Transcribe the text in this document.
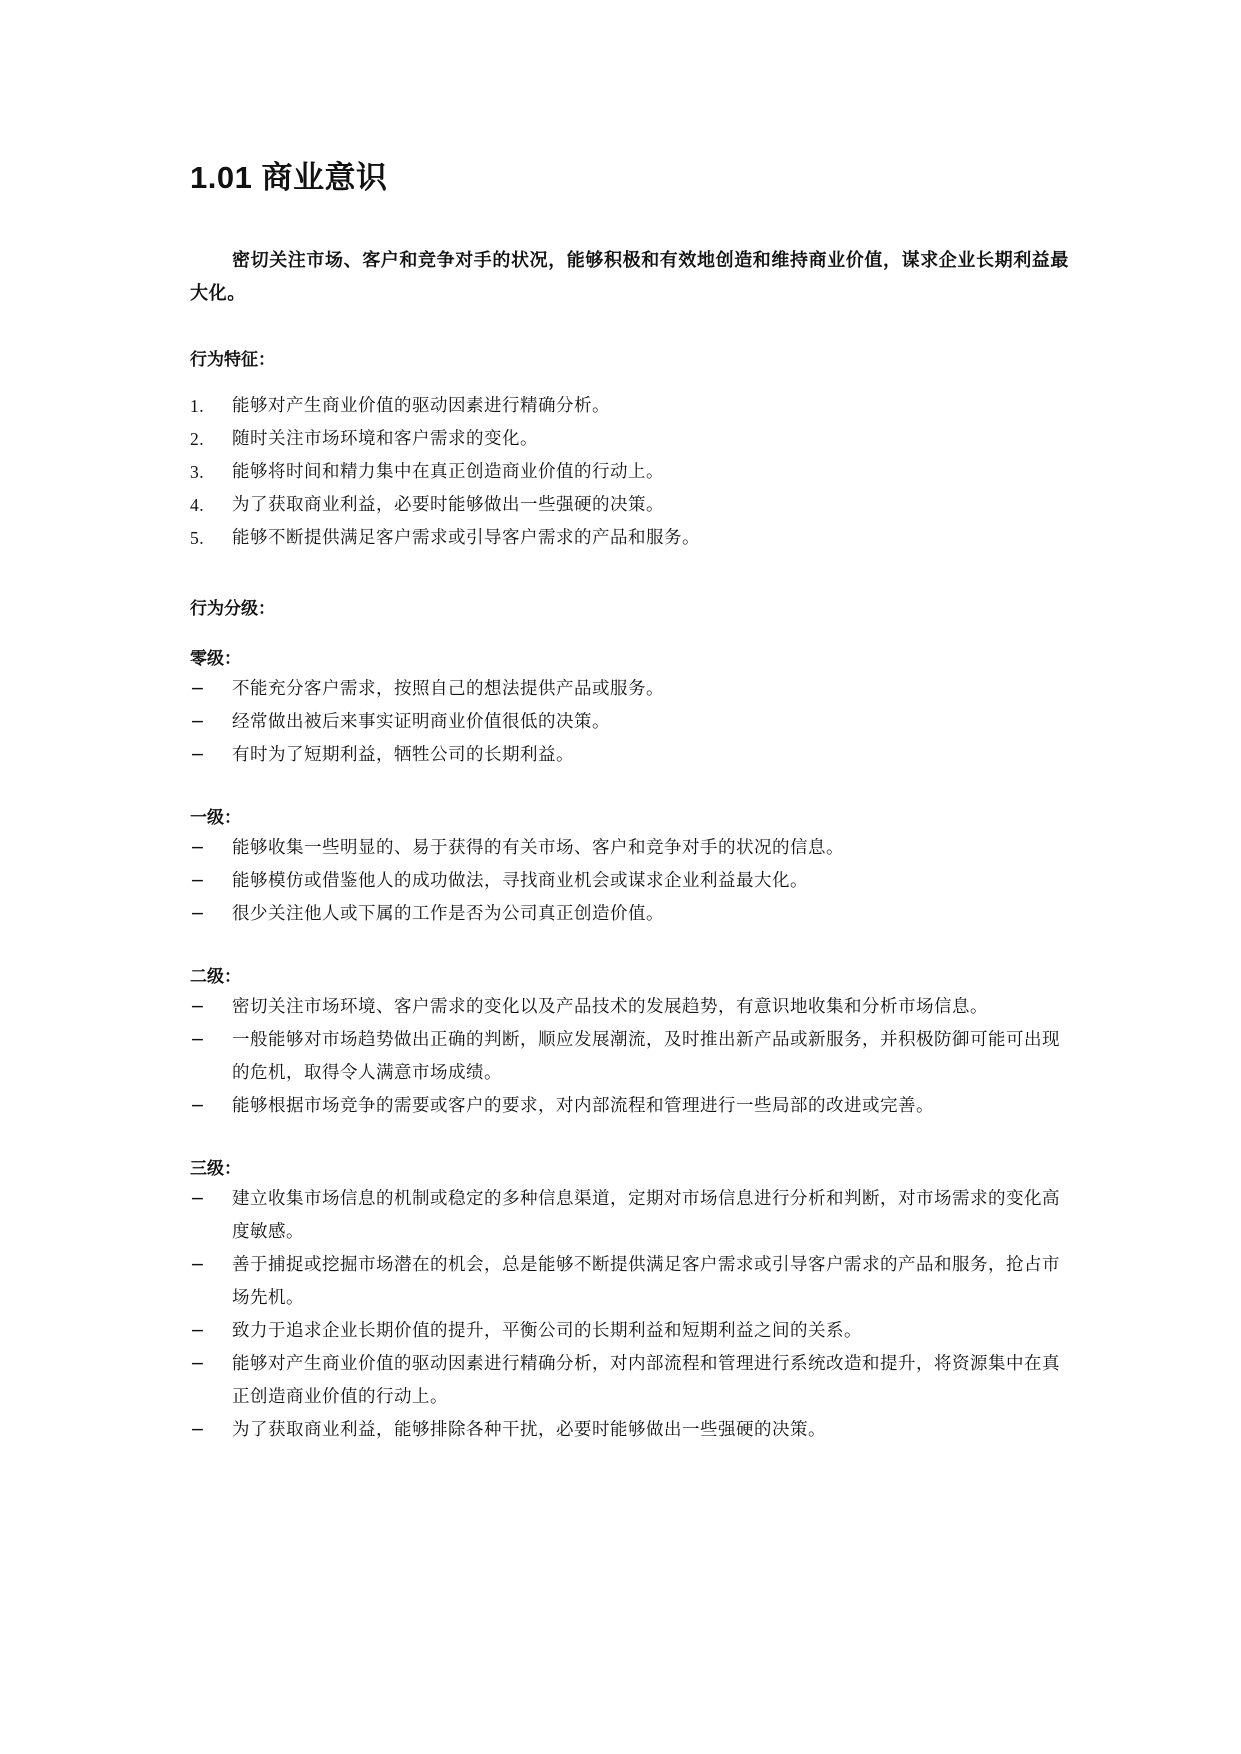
1.01 商业意识

密切关注市场、客户和竞争对手的状况，能够积极和有效地创造和维持商业价值，谋求企业长期利益最大化。

行为特征：
1. 能够对产生商业价值的驱动因素进行精确分析。
2. 随时关注市场环境和客户需求的变化。
3. 能够将时间和精力集中在真正创造商业价值的行动上。
4. 为了获取商业利益，必要时能够做出一些强硬的决策。
5. 能够不断提供满足客户需求或引导客户需求的产品和服务。
行为分级：
零级：
− 不能充分客户需求，按照自己的想法提供产品或服务。
− 经常做出被后来事实证明商业价值很低的决策。
− 有时为了短期利益，牺牲公司的长期利益。
一级：
− 能够收集一些明显的、易于获得的有关市场、客户和竞争对手的状况的信息。
− 能够模仿或借鉴他人的成功做法，寻找商业机会或谋求企业利益最大化。
− 很少关注他人或下属的工作是否为公司真正创造价值。
二级：
− 密切关注市场环境、客户需求的变化以及产品技术的发展趋势，有意识地收集和分析市场信息。
− 一般能够对市场趋势做出正确的判断，顺应发展潮流，及时推出新产品或新服务，并积极防御可能可出现的危机，取得令人满意市场成绩。
− 能够根据市场竞争的需要或客户的要求，对内部流程和管理进行一些局部的改进或完善。
三级：
− 建立收集市场信息的机制或稳定的多种信息渠道，定期对市场信息进行分析和判断，对市场需求的变化高度敏感。
− 善于捕捉或挖掘市场潜在的机会，总是能够不断提供满足客户需求或引导客户需求的产品和服务，抢占市场先机。
− 致力于追求企业长期价值的提升，平衡公司的长期利益和短期利益之间的关系。
− 能够对产生商业价值的驱动因素进行精确分析，对内部流程和管理进行系统改造和提升，将资源集中在真正创造商业价值的行动上。
− 为了获取商业利益，能够排除各种干扰，必要时能够做出一些强硬的决策。
